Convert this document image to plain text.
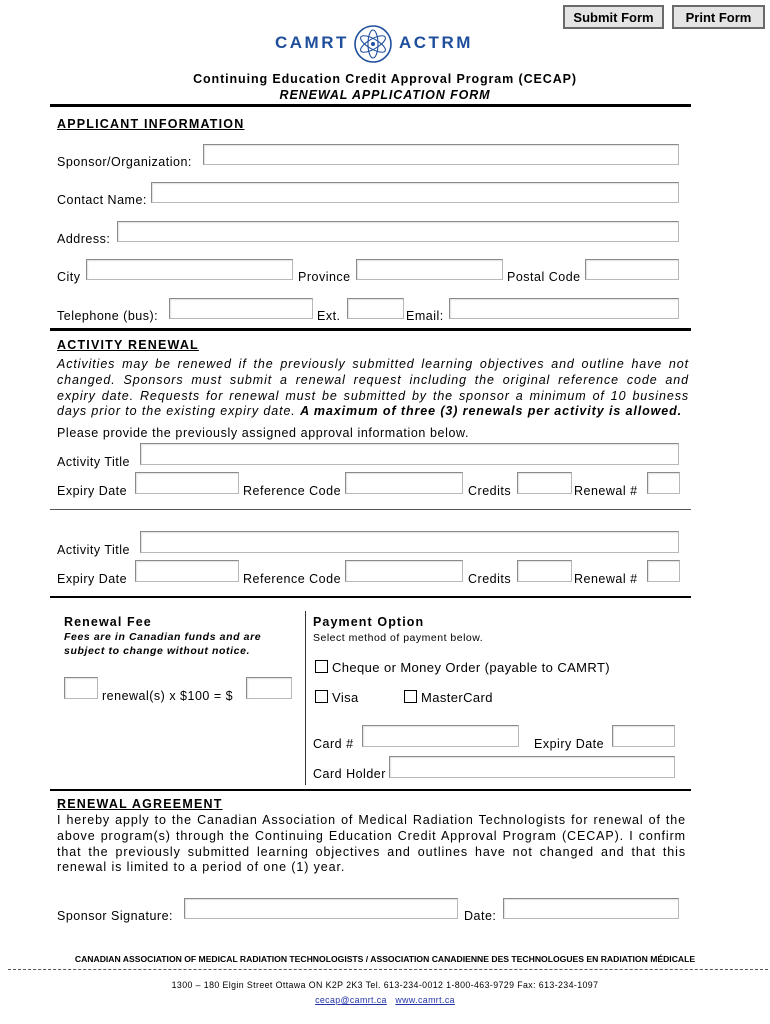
Submit Form	Print Form
CAMRT	ACTRM
Continuing Education Credit Approval Program (CECAP)
RENEWAL APPLICATION FORM
APPLICANT INFORMATION
Sponsor/Organization:
Contact Name:
Address:
City	Province	Postal Code
Telephone (bus):	Ext.	Email:
ACTIVITY RENEWAL
Activities may be renewed if the previously submitted learning objectives and outline have not changed. Sponsors must submit a renewal request including the original reference code and expiry date. Requests for renewal must be submitted by the sponsor a minimum of 10 business days prior to the existing expiry date. A maximum of three (3) renewals per activity is allowed.
Please provide the previously assigned approval information below.
Activity Title
Expiry Date	Reference Code	Credits	Renewal #
Activity Title
Expiry Date	Reference Code	Credits	Renewal #
Renewal Fee
Fees are in Canadian funds and are
subject to change without notice.
renewal(s) x $100 = $
Payment Option
Select method of payment below.
Cheque or Money Order (payable to CAMRT)
Visa	MasterCard
Card #	Expiry Date
Card Holder
RENEWAL AGREEMENT
I hereby apply to the Canadian Association of Medical Radiation Technologists for renewal of the above program(s) through the Continuing Education Credit Approval Program (CECAP). I confirm that the previously submitted learning objectives and outlines have not changed and that this renewal is limited to a period of one (1) year.
Sponsor Signature:	Date:
CANADIAN ASSOCIATION OF MEDICAL RADIATION TECHNOLOGISTS / ASSOCIATION CANADIENNE DES TECHNOLOGUES EN RADIATION MÉDICALE
1300 – 180 Elgin Street Ottawa ON K2P 2K3 Tel. 613-234-0012 1-800-463-9729 Fax: 613-234-1097
cecap@camrt.ca www.camrt.ca
